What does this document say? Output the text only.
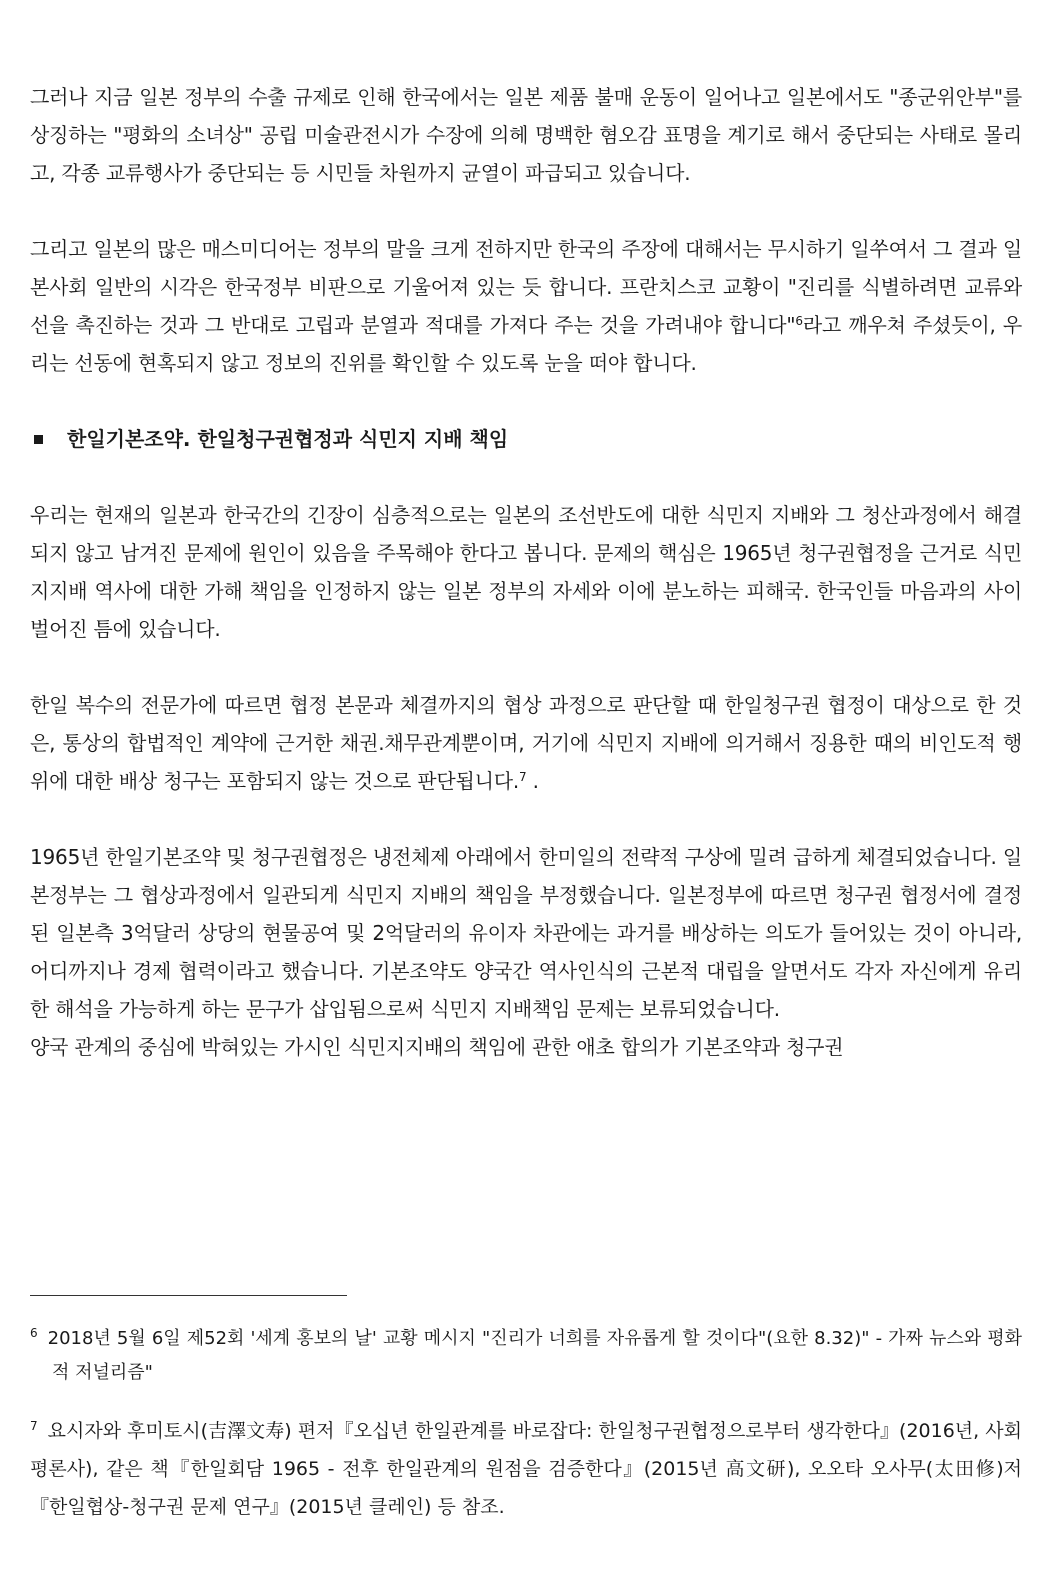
그러나 지금 일본 정부의 수출 규제로 인해 한국에서는 일본 제품 불매 운동이 일어나고 일본에서도 "종군위안부"를 상징하는 "평화의 소녀상" 공립 미술관전시가 수장에 의헤 명백한 혐오감 표명을 계기로 해서 중단되는 사태로 몰리고, 각종 교류행사가 중단되는 등 시민들 차원까지 균열이 파급되고 있습니다.

그리고 일본의 많은 매스미디어는 정부의 말을 크게 전하지만 한국의 주장에 대해서는 무시하기 일쑤여서 그 결과 일본사회 일반의 시각은 한국정부 비판으로 기울어져 있는 듯 합니다. 프란치스코 교황이 "진리를 식별하려면 교류와 선을 촉진하는 것과 그 반대로 고립과 분열과 적대를 가져다 주는 것을 가려내야 합니다"$^6$라고 깨우쳐 주셨듯이, 우리는 선동에 현혹되지 않고 정보의 진위를 확인할 수 있도록 눈을 떠야 합니다.

한일기본조약. 한일청구권협정과 식민지 지배 책임

우리는 현재의 일본과 한국간의 긴장이 심층적으로는 일본의 조선반도에 대한 식민지 지배와 그 청산과정에서 해결되지 않고 남겨진 문제에 원인이 있음을 주목해야 한다고 봅니다. 문제의 핵심은 1965년 청구권협정을 근거로 식민지지배 역사에 대한 가해 책임을 인정하지 않는 일본 정부의 자세와 이에 분노하는 피해국. 한국인들 마음과의 사이 벌어진 틈에 있습니다.

한일 복수의 전문가에 따르면 협정 본문과 체결까지의 협상 과정으로 판단할 때 한일청구권 협정이 대상으로 한 것은, 통상의 합법적인 계약에 근거한 채권.채무관계뿐이며, 거기에 식민지 지배에 의거해서 징용한 때의 비인도적 행위에 대한 배상 청구는 포함되지 않는 것으로 판단됩니다.$^7$ .

1965년 한일기본조약 및 청구권협정은 냉전체제 아래에서 한미일의 전략적 구상에 밀려 급하게 체결되었습니다. 일본정부는 그 협상과정에서 일관되게 식민지 지배의 책임을 부정했습니다. 일본정부에 따르면 청구권 협정서에 결정된 일본측 3억달러 상당의 현물공여 및 2억달러의 유이자 차관에는 과거를 배상하는 의도가 들어있는 것이 아니라, 어디까지나 경제 협력이라고 했습니다. 기본조약도 양국간 역사인식의 근본적 대립을 알면서도 각자 자신에게 유리한 해석을 가능하게 하는 문구가 삽입됨으로써 식민지 지배책임 문제는 보류되었습니다.

양국 관계의 중심에 박혀있는 가시인 식민지지배의 책임에 관한 애초 합의가 기본조약과 청구권

$^6$ 2018년 5월 6일 제52회 '세계 홍보의 날' 교황 메시지 "진리가 너희를 자유롭게 할 것이다"(요한 8.32)" - 가짜 뉴스와 평화적 저널리즘"

$^7$ 요시자와 후미토시(吉澤文寿) 편저『오십년 한일관계를 바로잡다: 한일청구권협정으로부터 생각한다』(2016년, 사회평론사), 같은 책『한일회담 1965 - 전후 한일관계의 원점을 검증한다』(2015년 高文研), 오오타 오사무(太田修)저『한일협상-청구권 문제 연구』(2015년 클레인) 등 참조.
